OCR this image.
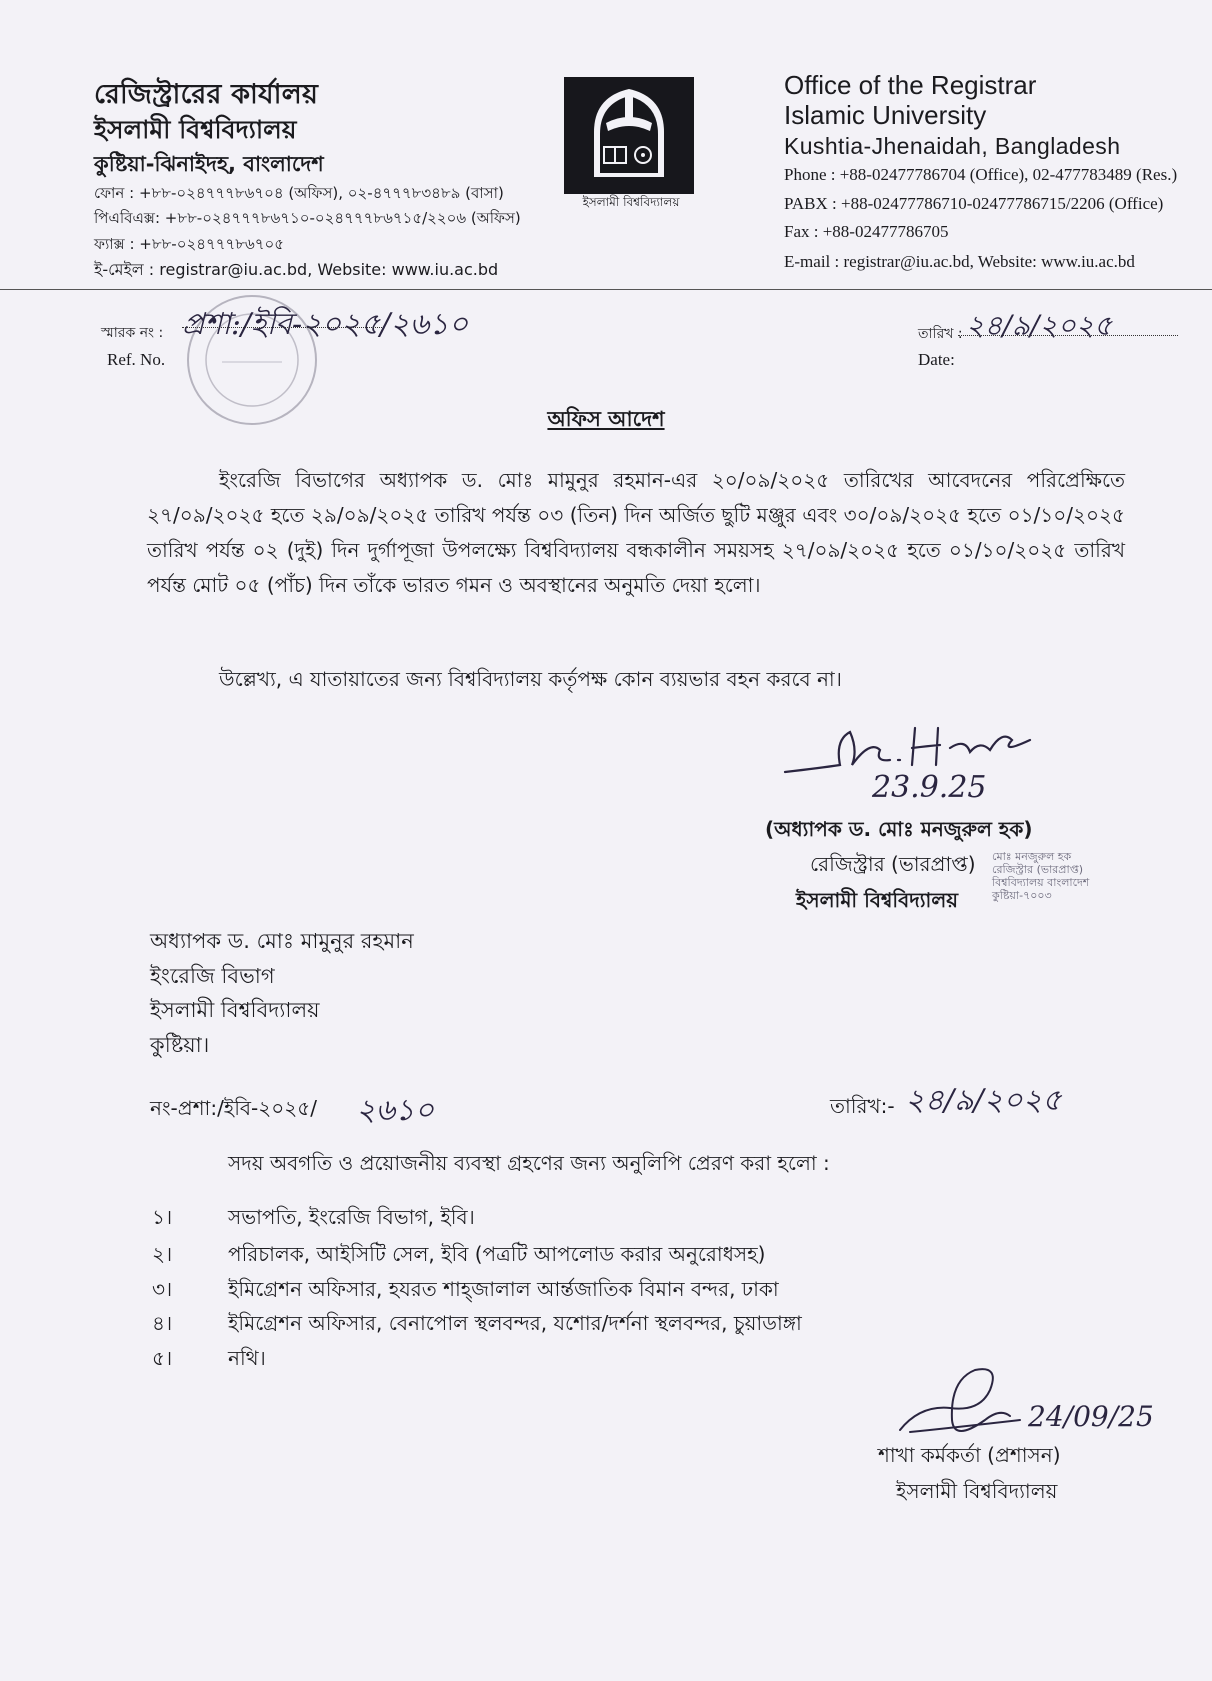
রেজিস্ট্রারের কার্যালয়
ইসলামী বিশ্ববিদ্যালয়
কুষ্টিয়া-ঝিনাইদহ, বাংলাদেশ
ফোন : +৮৮-০২৪৭৭৭৮৬৭০৪ (অফিস), ০২-৪৭৭৭৮৩৪৮৯ (বাসা)
পিএবিএক্স: +৮৮-০২৪৭৭৭৮৬৭১০-০২৪৭৭৭৮৬৭১৫/২২০৬ (অফিস)
ফ্যাক্স : +৮৮-০২৪৭৭৭৮৬৭০৫
ই-মেইল : registrar@iu.ac.bd, Website: www.iu.ac.bd
ইসলামী বিশ্ববিদ্যালয়
Office of the Registrar
Islamic University
Kushtia-Jhenaidah, Bangladesh
Phone : +88-02477786704 (Office), 02-477783489 (Res.)
PABX : +88-02477786710-02477786715/2206 (Office)
Fax : +88-02477786705
E-mail : registrar@iu.ac.bd, Website: www.iu.ac.bd
স্মারক নং :
Ref. No.
প্রশা:/ইবি-২০২৫/২৬১০	তারিখ :
Date:
২৪/৯/২০২৫
অফিস আদেশ
ইংরেজি বিভাগের অধ্যাপক ড. মোঃ মামুনুর রহমান-এর ২০/০৯/২০২৫ তারিখের আবেদনের পরিপ্রেক্ষিতে ২৭/০৯/২০২৫ হতে ২৯/০৯/২০২৫ তারিখ পর্যন্ত ০৩ (তিন) দিন অর্জিত ছুটি মঞ্জুর এবং ৩০/০৯/২০২৫ হতে ০১/১০/২০২৫ তারিখ পর্যন্ত ০২ (দুই) দিন দুর্গাপূজা উপলক্ষ্যে বিশ্ববিদ্যালয় বন্ধকালীন সময়সহ ২৭/০৯/২০২৫ হতে ০১/১০/২০২৫ তারিখ পর্যন্ত মোট ০৫ (পাঁচ) দিন তাঁকে ভারত গমন ও অবস্থানের অনুমতি দেয়া হলো।
উল্লেখ্য, এ যাতায়াতের জন্য বিশ্ববিদ্যালয় কর্তৃপক্ষ কোন ব্যয়ভার বহন করবে না।
23.9.25
(অধ্যাপক ড. মোঃ মনজুরুল হক)
রেজিস্ট্রার (ভারপ্রাপ্ত)
ইসলামী বিশ্ববিদ্যালয়
মোঃ মনজুরুল হক
রেজিস্ট্রার (ভারপ্রাপ্ত)
বিশ্ববিদ্যালয় বাংলাদেশ
কুষ্টিয়া-৭০০৩
অধ্যাপক ড. মোঃ মামুনুর রহমান
ইংরেজি বিভাগ
ইসলামী বিশ্ববিদ্যালয়
কুষ্টিয়া।
নং-প্রশা:/ইবি-২০২৫/ ২৬১০	তারিখ:- ২৪/৯/২০২৫
সদয় অবগতি ও প্রয়োজনীয় ব্যবস্থা গ্রহণের জন্য অনুলিপি প্রেরণ করা হলো :
১।	সভাপতি, ইংরেজি বিভাগ, ইবি।
২।	পরিচালক, আইসিটি সেল, ইবি (পত্রটি আপলোড করার অনুরোধসহ)
৩।	ইমিগ্রেশন অফিসার, হযরত শাহ্জালাল আর্ন্তজাতিক বিমান বন্দর, ঢাকা
৪।	ইমিগ্রেশন অফিসার, বেনাপোল স্থলবন্দর, যশোর/দর্শনা স্থলবন্দর, চুয়াডাঙ্গা
৫।	নথি।
24/09/25
শাখা কর্মকর্তা (প্রশাসন)
ইসলামী বিশ্ববিদ্যালয়
